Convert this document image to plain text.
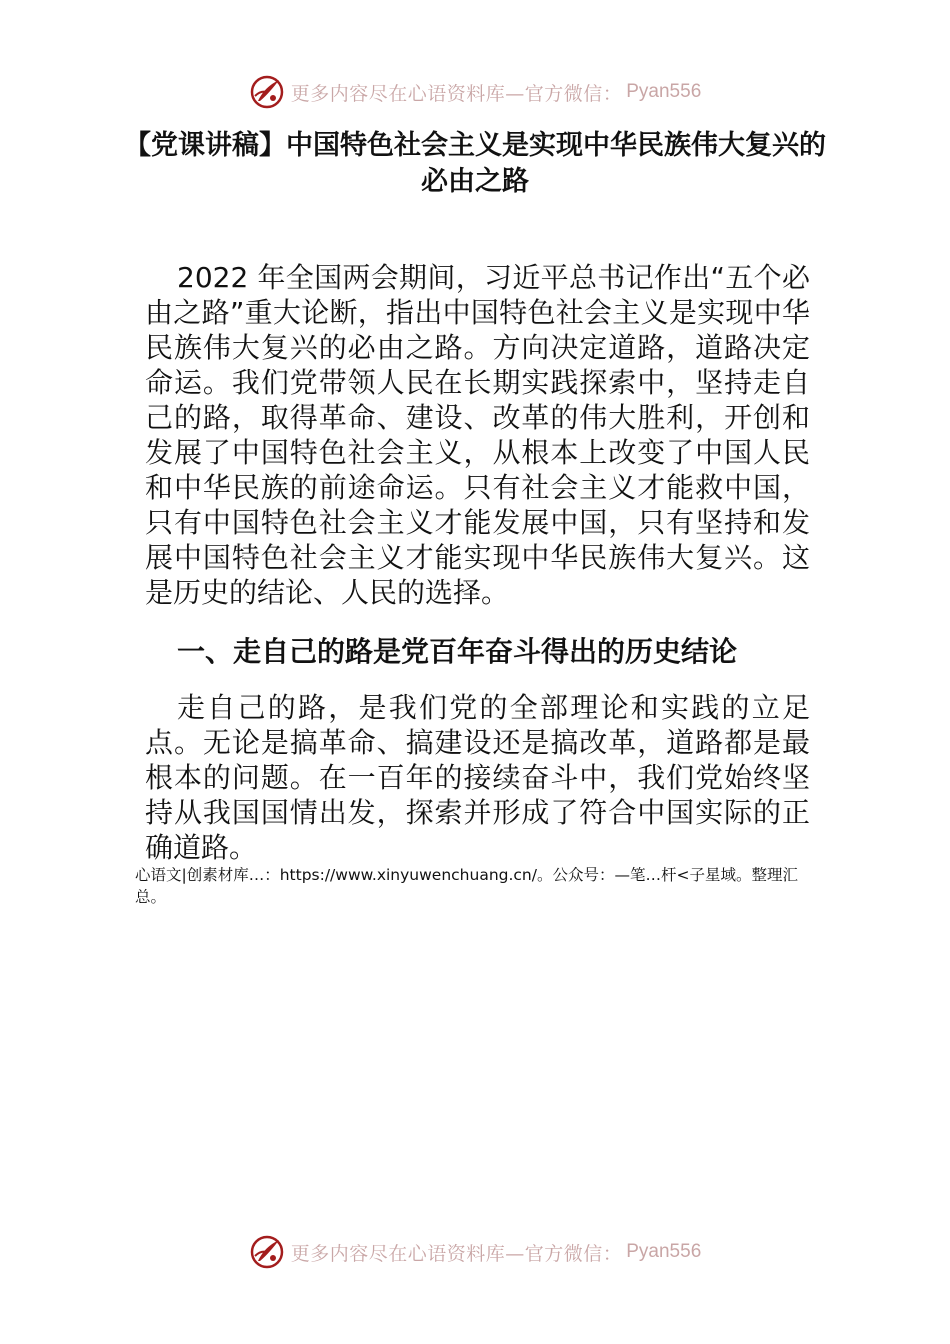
更多内容尽在心语资料库—官方微信： Pyan556
【党课讲稿】中国特色社会主义是实现中华民族伟大复兴的必由之路

2022 年全国两会期间，习近平总书记作出“五个必由之路”重大论断，指出中国特色社会主义是实现中华民族伟大复兴的必由之路。方向决定道路，道路决定命运。我们党带领人民在长期实践探索中，坚持走自己的路，取得革命、建设、改革的伟大胜利，开创和发展了中国特色社会主义，从根本上改变了中国人民和中华民族的前途命运。只有社会主义才能救中国，只有中国特色社会主义才能发展中国，只有坚持和发展中国特色社会主义才能实现中华民族伟大复兴。这是历史的结论、人民的选择。

一、走自己的路是党百年奋斗得出的历史结论

走自己的路，是我们党的全部理论和实践的立足点。无论是搞革命、搞建设还是搞改革，道路都是最根本的问题。在一百年的接续奋斗中，我们党始终坚持从我国国情出发，探索并形成了符合中国实际的正确道路。

心语文|创素材库…：https://www.xinyuwenchuang.cn/。公众号：—笔…杆<子星域。整理汇总。

更多内容尽在心语资料库—官方微信： Pyan556
